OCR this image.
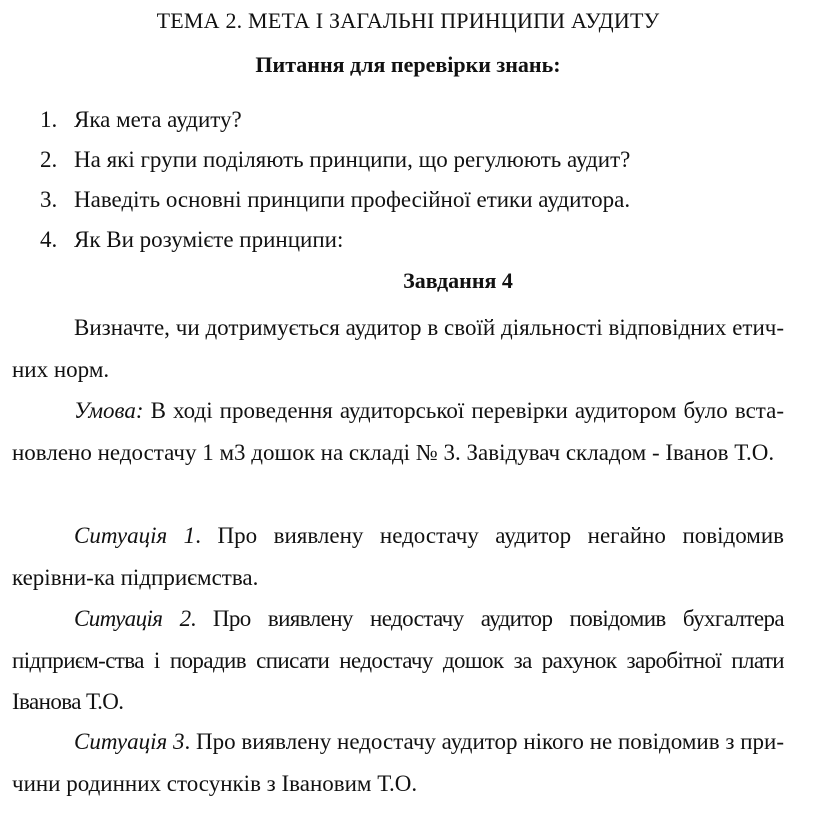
ТЕМА 2. МЕТА І ЗАГАЛЬНІ ПРИНЦИПИ АУДИТУ
Питання для перевірки знань:
1. Яка мета аудиту?
2. На які групи поділяють принципи, що регулюють аудит?
3. Наведіть основні принципи професійної етики аудитора.
4. Як Ви розумієте принципи:
Завдання 4

Визначте, чи дотримується аудитор в своїй діяльності відповідних етич-них норм.

Умова: В ході проведення аудиторської перевірки аудитором було вста-новлено недостачу 1 м3 дошок на складі № 3. Завідувач складом - Іванов Т.О.

Ситуація 1. Про виявлену недостачу аудитор негайно повідомив керівни-ка підприємства.

Ситуація 2. Про виявлену недостачу аудитор повідомив бухгалтера підприєм-ства і порадив списати недостачу дошок за рахунок заробітної плати Іванова Т.О.

Ситуація 3. Про виявлену недостачу аудитор нікого не повідомив з при-чини родинних стосунків з Івановим Т.О.
